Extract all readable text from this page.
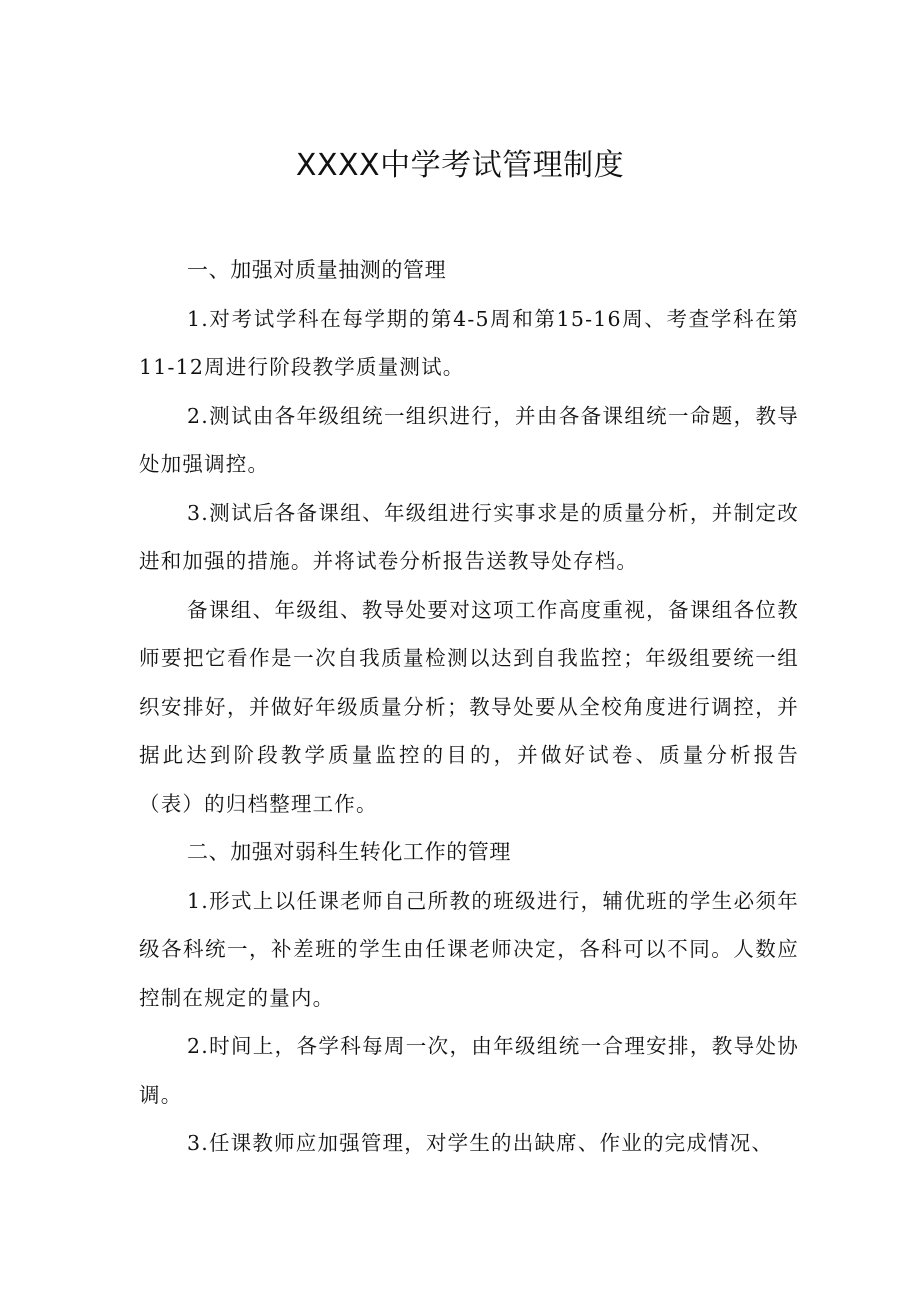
XXXX中学考试管理制度
一、加强对质量抽测的管理

1.对考试学科在每学期的第4-5周和第15-16周、考查学科在第11-12周进行阶段教学质量测试。

2.测试由各年级组统一组织进行，并由各备课组统一命题，教导处加强调控。

3.测试后各备课组、年级组进行实事求是的质量分析，并制定改进和加强的措施。并将试卷分析报告送教导处存档。

备课组、年级组、教导处要对这项工作高度重视，备课组各位教师要把它看作是一次自我质量检测以达到自我监控；年级组要统一组织安排好，并做好年级质量分析；教导处要从全校角度进行调控，并据此达到阶段教学质量监控的目的，并做好试卷、质量分析报告（表）的归档整理工作。

二、加强对弱科生转化工作的管理

1.形式上以任课老师自己所教的班级进行，辅优班的学生必须年级各科统一，补差班的学生由任课老师决定，各科可以不同。人数应控制在规定的量内。

2.时间上，各学科每周一次，由年级组统一合理安排，教导处协调。

3.任课教师应加强管理，对学生的出缺席、作业的完成情况、
